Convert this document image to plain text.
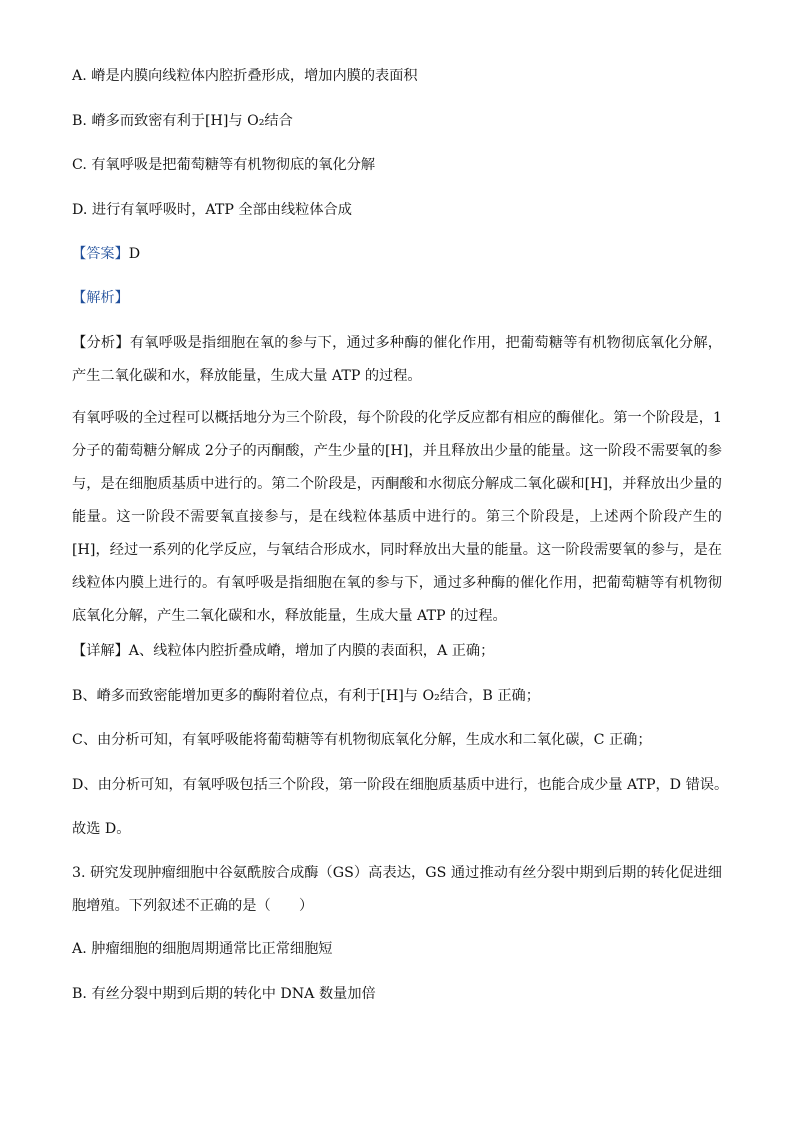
A. 嵴是内膜向线粒体内腔折叠形成，增加内膜的表面积
B. 嵴多而致密有利于[H]与 O₂结合
C. 有氧呼吸是把葡萄糖等有机物彻底的氧化分解
D. 进行有氧呼吸时，ATP 全部由线粒体合成
【答案】D
【解析】
【分析】有氧呼吸是指细胞在氧的参与下，通过多种酶的催化作用，把葡萄糖等有机物彻底氧化分解，产生二氧化碳和水，释放能量，生成大量 ATP 的过程。
有氧呼吸的全过程可以概括地分为三个阶段，每个阶段的化学反应都有相应的酶催化。第一个阶段是，1分子的葡萄糖分解成 2分子的丙酮酸，产生少量的[H]，并且释放出少量的能量。这一阶段不需要氧的参与，是在细胞质基质中进行的。第二个阶段是，丙酮酸和水彻底分解成二氧化碳和[H]，并释放出少量的能量。这一阶段不需要氧直接参与，是在线粒体基质中进行的。第三个阶段是，上述两个阶段产生的[H]，经过一系列的化学反应，与氧结合形成水，同时释放出大量的能量。这一阶段需要氧的参与，是在线粒体内膜上进行的。有氧呼吸是指细胞在氧的参与下，通过多种酶的催化作用，把葡萄糖等有机物彻底氧化分解，产生二氧化碳和水，释放能量，生成大量 ATP 的过程。
【详解】A、线粒体内腔折叠成嵴，增加了内膜的表面积，A 正确；
B、嵴多而致密能增加更多的酶附着位点，有利于[H]与 O₂结合，B 正确；
C、由分析可知，有氧呼吸能将葡萄糖等有机物彻底氧化分解，生成水和二氧化碳，C 正确；
D、由分析可知，有氧呼吸包括三个阶段，第一阶段在细胞质基质中进行，也能合成少量 ATP，D 错误。
故选 D。
3. 研究发现肿瘤细胞中谷氨酰胺合成酶（GS）高表达，GS 通过推动有丝分裂中期到后期的转化促进细胞增殖。下列叙述不正确的是（　　）
A. 肿瘤细胞的细胞周期通常比正常细胞短
B. 有丝分裂中期到后期的转化中 DNA 数量加倍
